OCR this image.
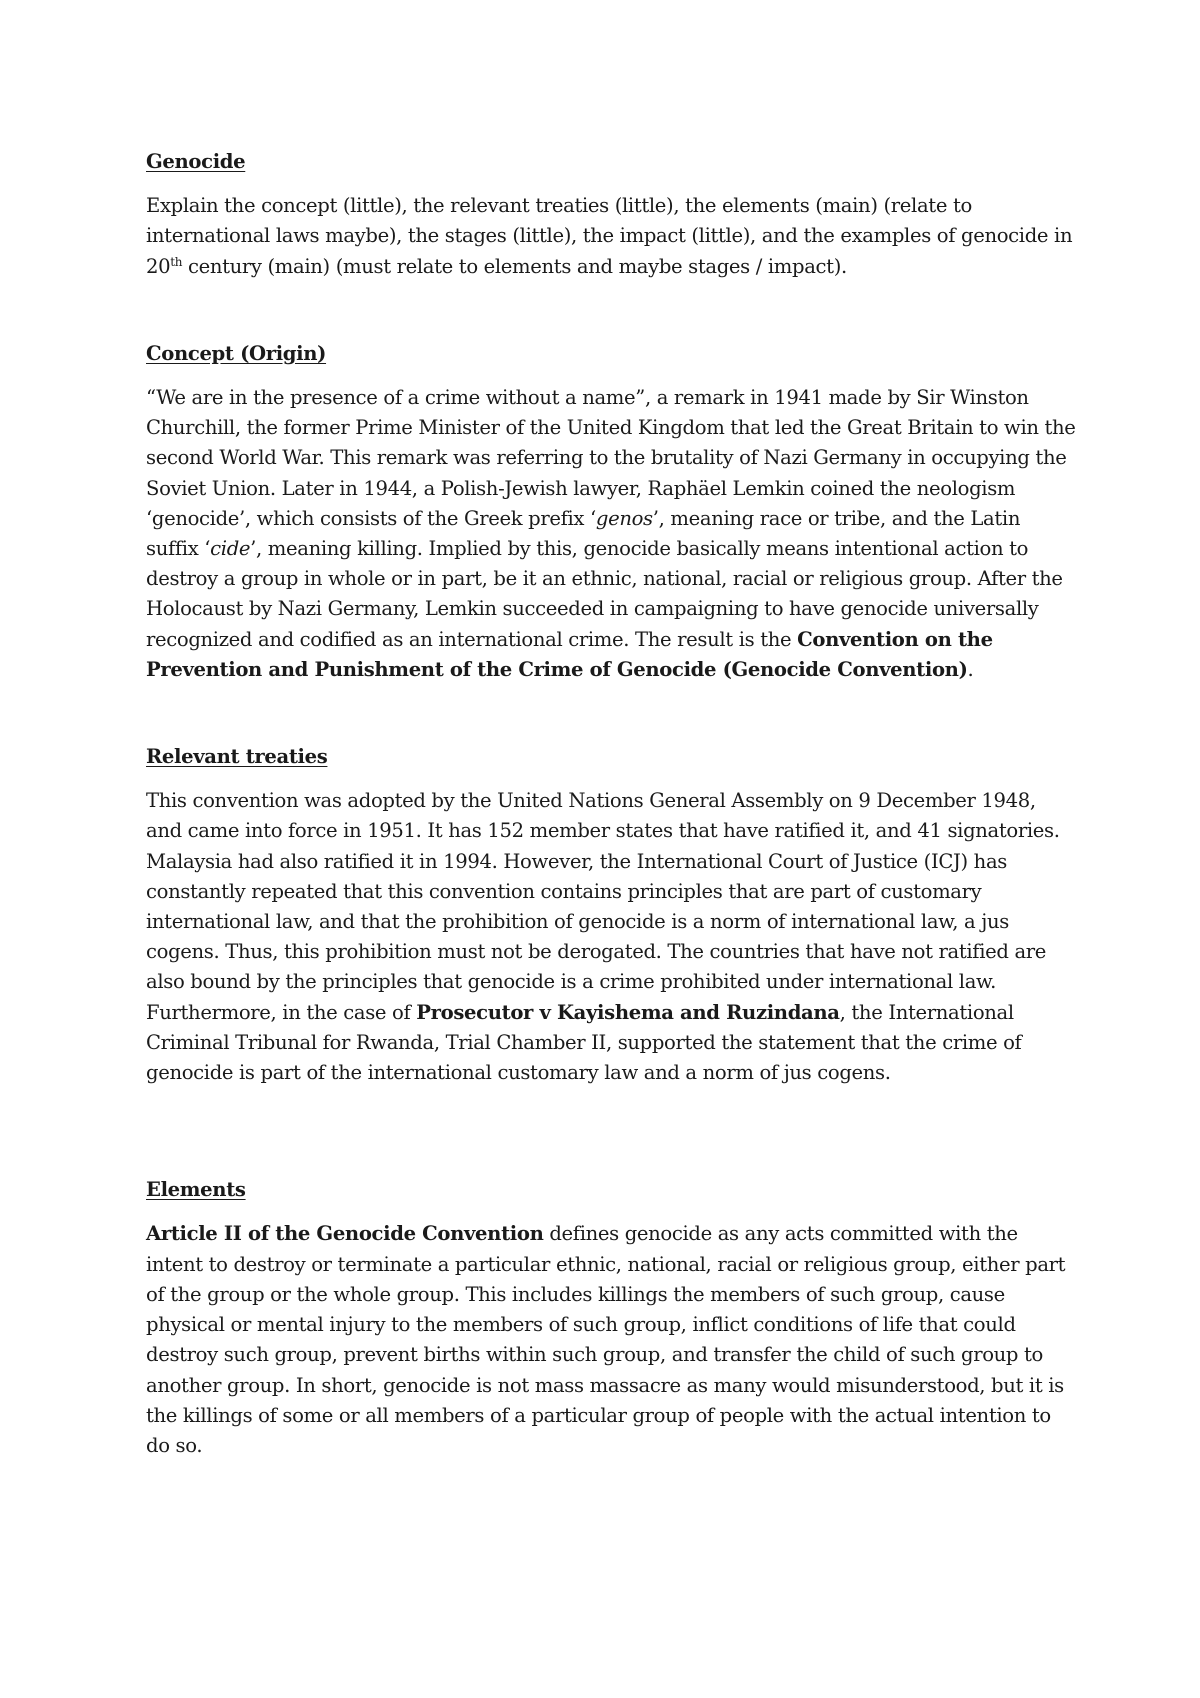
Genocide

Explain the concept (little), the relevant treaties (little), the elements (main) (relate to international laws maybe), the stages (little), the impact (little), and the examples of genocide in 20th century (main) (must relate to elements and maybe stages / impact).

Concept (Origin)

“We are in the presence of a crime without a name”, a remark in 1941 made by Sir Winston Churchill, the former Prime Minister of the United Kingdom that led the Great Britain to win the second World War. This remark was referring to the brutality of Nazi Germany in occupying the Soviet Union. Later in 1944, a Polish-Jewish lawyer, Raphäel Lemkin coined the neologism ‘genocide’, which consists of the Greek prefix ‘genos’, meaning race or tribe, and the Latin suffix ‘cide’, meaning killing. Implied by this, genocide basically means intentional action to destroy a group in whole or in part, be it an ethnic, national, racial or religious group. After the Holocaust by Nazi Germany, Lemkin succeeded in campaigning to have genocide universally recognized and codified as an international crime. The result is the Convention on the Prevention and Punishment of the Crime of Genocide (Genocide Convention).

Relevant treaties

This convention was adopted by the United Nations General Assembly on 9 December 1948, and came into force in 1951. It has 152 member states that have ratified it, and 41 signatories. Malaysia had also ratified it in 1994. However, the International Court of Justice (ICJ) has constantly repeated that this convention contains principles that are part of customary international law, and that the prohibition of genocide is a norm of international law, a jus cogens. Thus, this prohibition must not be derogated. The countries that have not ratified are also bound by the principles that genocide is a crime prohibited under international law. Furthermore, in the case of Prosecutor v Kayishema and Ruzindana, the International Criminal Tribunal for Rwanda, Trial Chamber II, supported the statement that the crime of genocide is part of the international customary law and a norm of jus cogens.

Elements

Article II of the Genocide Convention defines genocide as any acts committed with the intent to destroy or terminate a particular ethnic, national, racial or religious group, either part of the group or the whole group. This includes killings the members of such group, cause physical or mental injury to the members of such group, inflict conditions of life that could destroy such group, prevent births within such group, and transfer the child of such group to another group. In short, genocide is not mass massacre as many would misunderstood, but it is the killings of some or all members of a particular group of people with the actual intention to do so.
